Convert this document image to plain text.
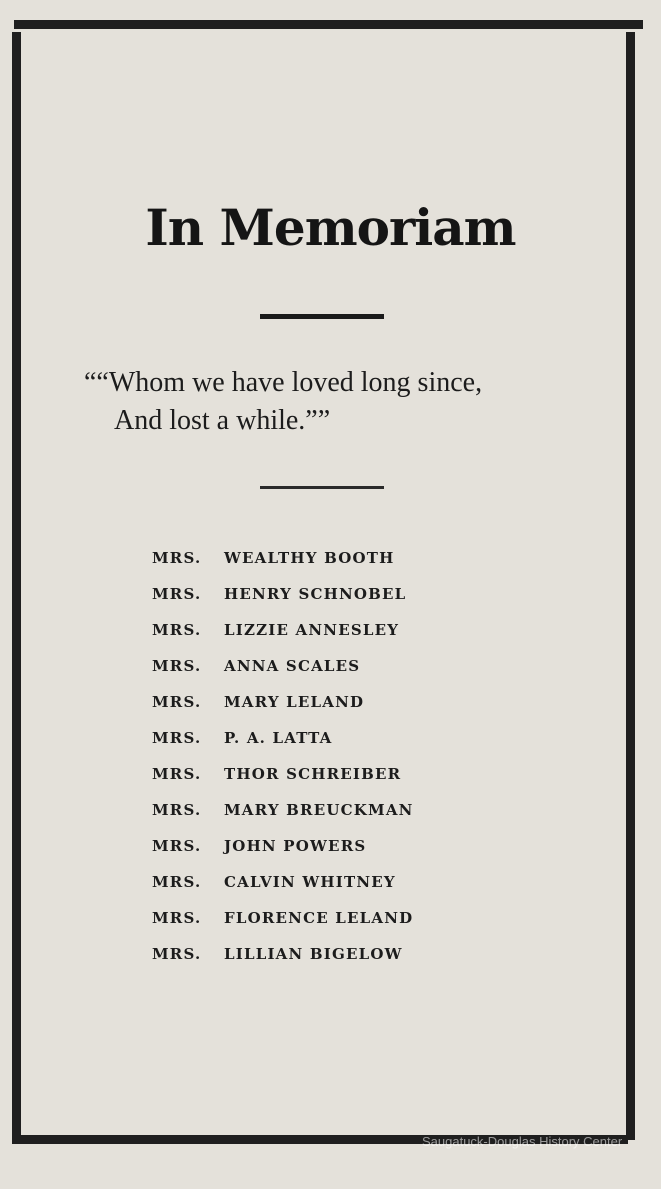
In Memoriam
““Whom we have loved long since,
And lost a while.””
MRS. WEALTHY BOOTH
MRS. HENRY SCHNOBEL
MRS. LIZZIE ANNESLEY
MRS. ANNA SCALES
MRS. MARY LELAND
MRS. P. A. LATTA
MRS. THOR SCHREIBER
MRS. MARY BREUCKMAN
MRS. JOHN POWERS
MRS. CALVIN WHITNEY
MRS. FLORENCE LELAND
MRS. LILLIAN BIGELOW
Saugatuck-Douglas History Center
